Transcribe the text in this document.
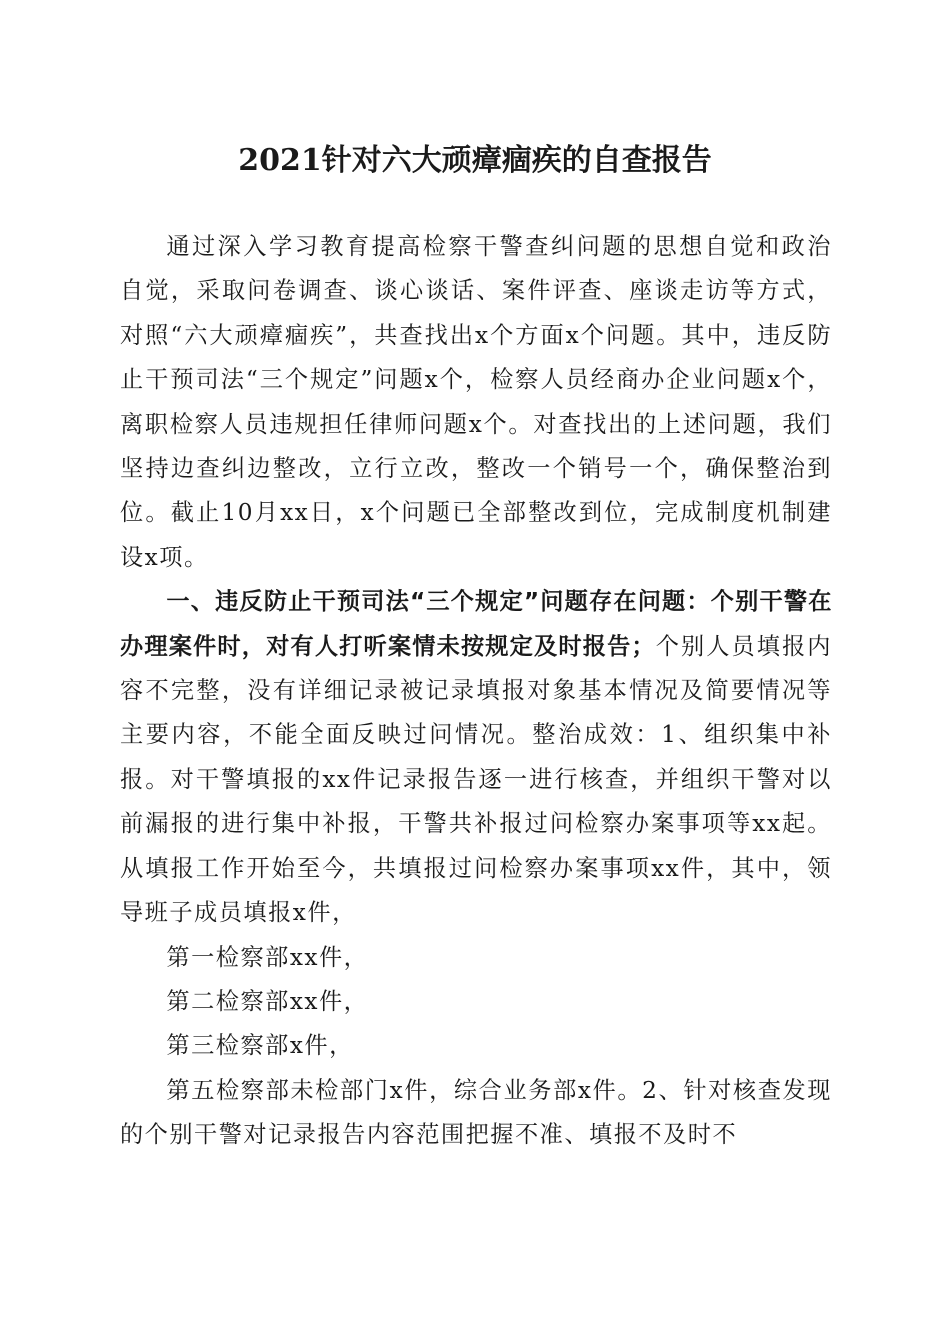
2021针对六大顽瘴痼疾的自查报告

通过深入学习教育提高检察干警查纠问题的思想自觉和政治自觉，采取问卷调查、谈心谈话、案件评查、座谈走访等方式，对照“六大顽瘴痼疾”，共查找出x个方面x个问题。其中，违反防止干预司法“三个规定”问题x个，检察人员经商办企业问题x个，离职检察人员违规担任律师问题x个。对查找出的上述问题，我们坚持边查纠边整改，立行立改，整改一个销号一个，确保整治到位。截止10月xx日，x个问题已全部整改到位，完成制度机制建设x项。

一、违反防止干预司法“三个规定”问题存在问题：个别干警在办理案件时，对有人打听案情未按规定及时报告；个别人员填报内容不完整，没有详细记录被记录填报对象基本情况及简要情况等主要内容，不能全面反映过问情况。整治成效：1、组织集中补报。对干警填报的xx件记录报告逐一进行核查，并组织干警对以前漏报的进行集中补报，干警共补报过问检察办案事项等xx起。从填报工作开始至今，共填报过问检察办案事项xx件，其中，领导班子成员填报x件，

第一检察部xx件，

第二检察部xx件，

第三检察部x件，

第五检察部未检部门x件，综合业务部x件。2、针对核查发现的个别干警对记录报告内容范围把握不准、填报不及时不
